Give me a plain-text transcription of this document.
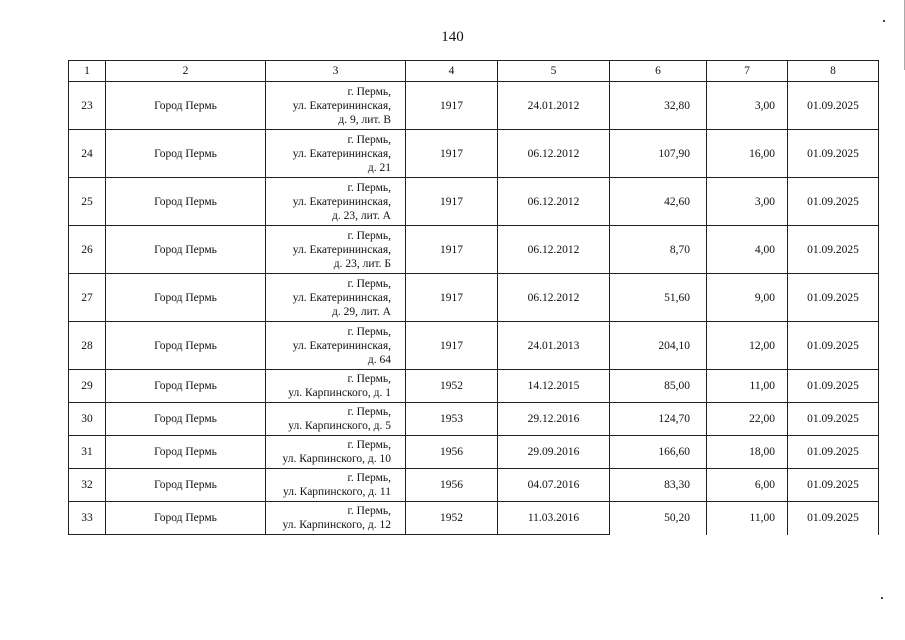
140
1	2	3	4	5	6	7	8
23	Город Пермь	г. Пермь,
ул. Екатерининская,
д. 9, лит. В	1917	24.01.2012	32,80	3,00	01.09.2025
24	Город Пермь	г. Пермь,
ул. Екатерининская,
д. 21	1917	06.12.2012	107,90	16,00	01.09.2025
25	Город Пермь	г. Пермь,
ул. Екатерининская,
д. 23, лит. А	1917	06.12.2012	42,60	3,00	01.09.2025
26	Город Пермь	г. Пермь,
ул. Екатерининская,
д. 23, лит. Б	1917	06.12.2012	8,70	4,00	01.09.2025
27	Город Пермь	г. Пермь,
ул. Екатерининская,
д. 29, лит. А	1917	06.12.2012	51,60	9,00	01.09.2025
28	Город Пермь	г. Пермь,
ул. Екатерининская,
д. 64	1917	24.01.2013	204,10	12,00	01.09.2025
29	Город Пермь	г. Пермь,
ул. Карпинского, д. 1	1952	14.12.2015	85,00	11,00	01.09.2025
30	Город Пермь	г. Пермь,
ул. Карпинского, д. 5	1953	29.12.2016	124,70	22,00	01.09.2025
31	Город Пермь	г. Пермь,
ул. Карпинского, д. 10	1956	29.09.2016	166,60	18,00	01.09.2025
32	Город Пермь	г. Пермь,
ул. Карпинского, д. 11	1956	04.07.2016	83,30	6,00	01.09.2025
33	Город Пермь	г. Пермь,
ул. Карпинского, д. 12	1952	11.03.2016	50,20	11,00	01.09.2025
